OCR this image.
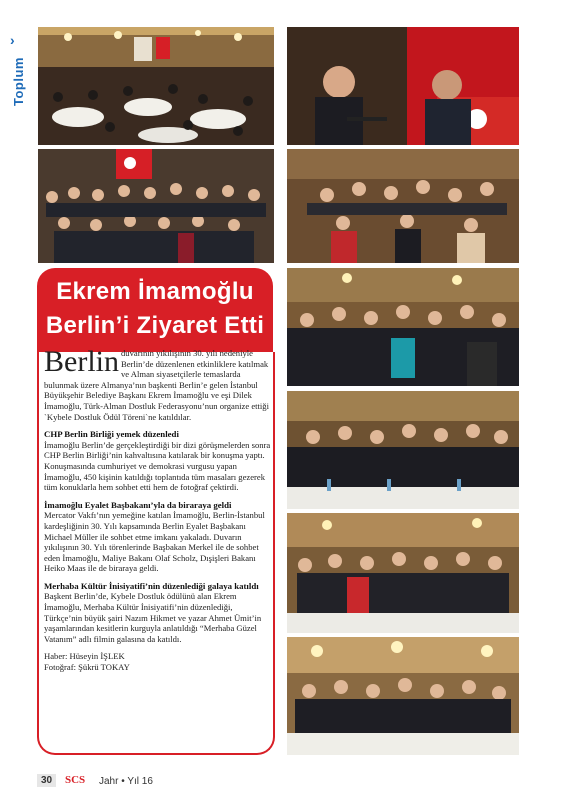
›
Toplum
Ekrem İmamoğlu
Berlin’i Ziyaret Etti

Berlin duvarının yıkılışının 30. yılı nedeniyle Berlin’de düzenlenen etkinliklere katılmak ve Alman siyasetçilerle temaslarda bulunmak üzere Almanya’nın başkenti Berlin’e gelen İstanbul Büyükşehir Belediye Başkanı Ekrem İmamoğlu ve eşi Dilek İmamoğlu, Türk-Alman Dostluk Federasyonu’nun organize ettiği `Kybele Dostluk Ödül Töreni`ne katıldılar.

CHP Berlin Birliği yemek düzenledi

İmamoğlu Berlin’de gerçekleştirdiği bir dizi görüşmelerden sonra CHP Berlin Birliği’nin kahvaltısına katılarak bir konuşma yaptı. Konuşmasında cumhuriyet ve demokrasi vurgusu yapan İmamoğlu, 450 kişinin katıldığı toplantıda tüm masaları gezerek tüm konuklarla hem sohbet etti hem de fotoğraf çektirdi.

İmamoğlu Eyalet Başbakanı’yla da biraraya geldi

Mercator Vakfı’nın yemeğine katılan İmamoğlu, Berlin-İstanbul kardeşliğinin 30. Yılı kapsamında Berlin Eyalet Başbakanı Michael Müller ile sohbet etme imkanı yakaladı. Duvarın yıkılışının 30. Yılı törenlerinde Başbakan Merkel ile de sohbet eden İmamoğlu, Maliye Bakanı Olaf Scholz, Dışişleri Bakanı Heiko Maas ile de biraraya geldi.

Merhaba Kültür İnisiyatifi’nin düzenlediği galaya katıldı

Başkent Berlin’de, Kybele Dostluk ödülünü alan Ekrem İmamoğlu, Merhaba Kültür İnisiyatifi’nin düzenlediği, Türkçe’nin büyük şairi Nazım Hikmet ve yazar Ahmet Ümit’in yaşamlarından kesitlerin kurguyla anlatıldığı “Merhaba Güzel Vatanım” adlı filmin galasına da katıldı.

Haber: Hüseyin İŞLEK
Fotoğraf: Şükrü TOKAY
30	SCS Jahr • Yıl 16
